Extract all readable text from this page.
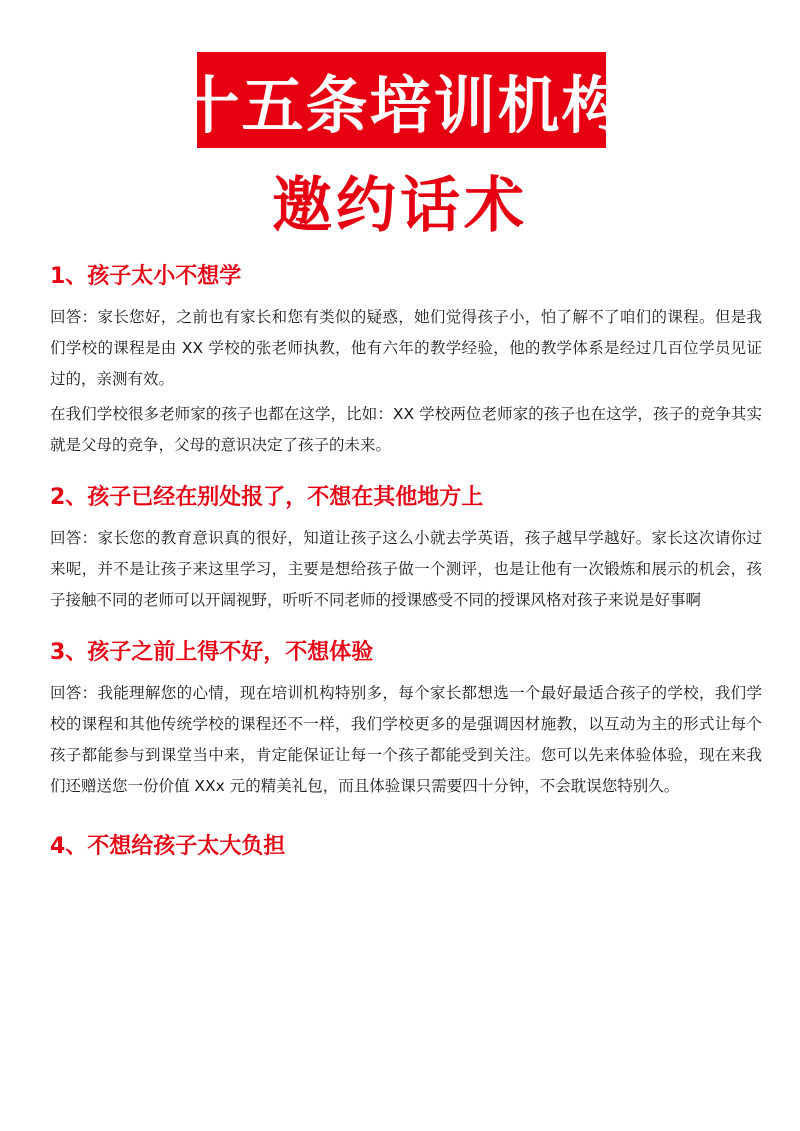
十五条培训机构
邀约话术
1、孩子太小不想学

回答：家长您好，之前也有家长和您有类似的疑惑，她们觉得孩子小，怕了解不了咱们的课程。但是我们学校的课程是由 XX 学校的张老师执教，他有六年的教学经验，他的教学体系是经过几百位学员见证过的，亲测有效。

在我们学校很多老师家的孩子也都在这学，比如：XX 学校两位老师家的孩子也在这学，孩子的竞争其实就是父母的竞争，父母的意识决定了孩子的未来。

2、孩子已经在别处报了，不想在其他地方上

回答：家长您的教育意识真的很好，知道让孩子这么小就去学英语，孩子越早学越好。家长这次请你过来呢，并不是让孩子来这里学习，主要是想给孩子做一个测评，也是让他有一次锻炼和展示的机会，孩子接触不同的老师可以开阔视野，听听不同老师的授课感受不同的授课风格对孩子来说是好事啊

3、孩子之前上得不好，不想体验

回答：我能理解您的心情，现在培训机构特别多，每个家长都想选一个最好最适合孩子的学校，我们学校的课程和其他传统学校的课程还不一样，我们学校更多的是强调因材施教，以互动为主的形式让每个孩子都能参与到课堂当中来，肯定能保证让每一个孩子都能受到关注。您可以先来体验体验，现在来我们还赠送您一份价值 XXx 元的精美礼包，而且体验课只需要四十分钟，不会耽误您特别久。

4、不想给孩子太大负担
